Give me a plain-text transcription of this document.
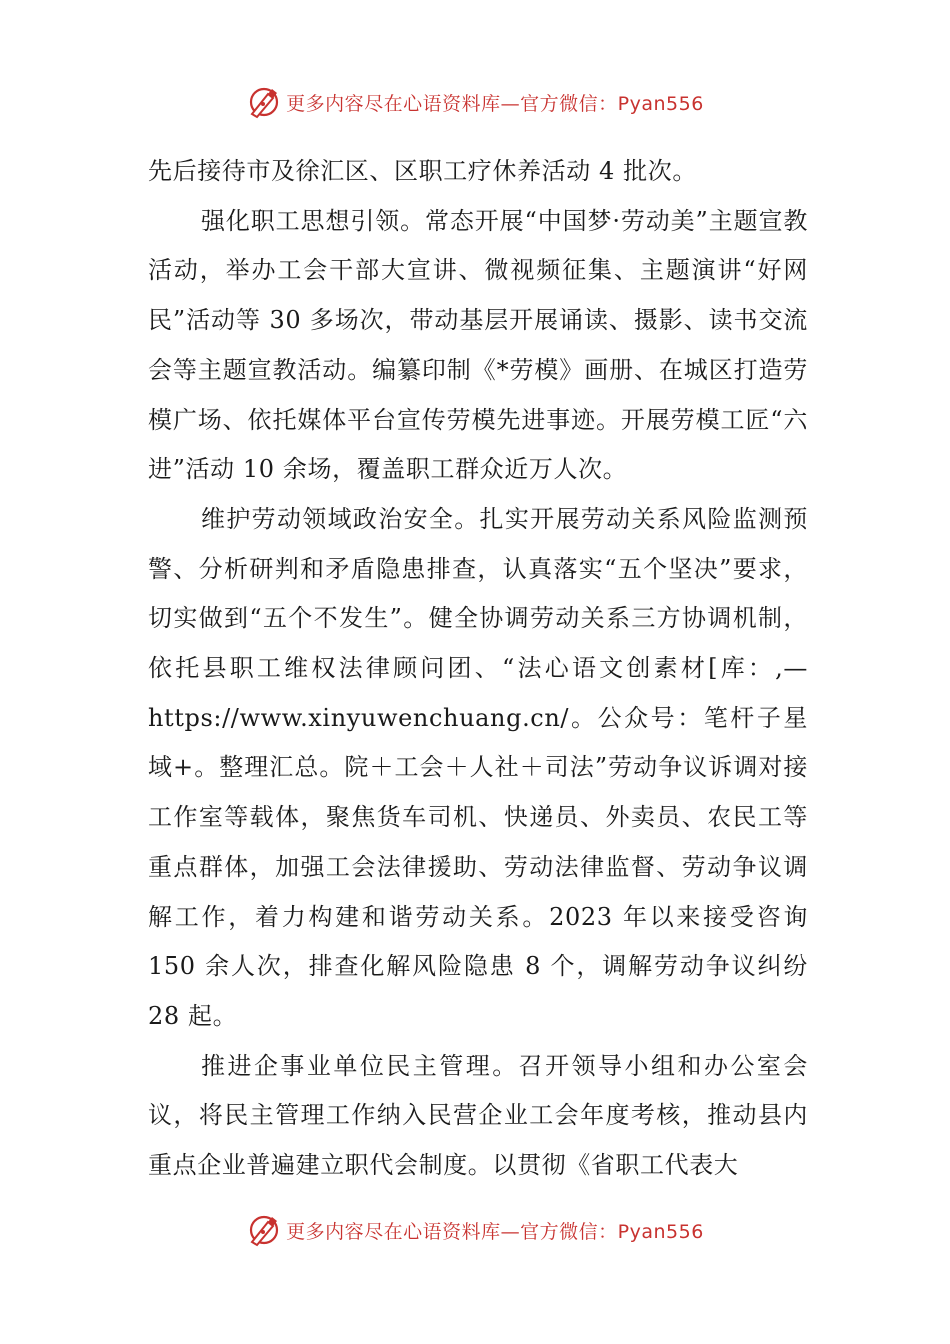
更多内容尽在心语资料库—官方微信：Pyan556

先后接待市及徐汇区、区职工疗休养活动 4 批次。

强化职工思想引领。常态开展“中国梦·劳动美”主题宣教活动，举办工会干部大宣讲、微视频征集、主题演讲“好网民”活动等 30 多场次，带动基层开展诵读、摄影、读书交流会等主题宣教活动。编纂印制《*劳模》画册、在城区打造劳模广场、依托媒体平台宣传劳模先进事迹。开展劳模工匠“六进”活动 10 余场，覆盖职工群众近万人次。

维护劳动领域政治安全。扎实开展劳动关系风险监测预警、分析研判和矛盾隐患排查，认真落实“五个坚决”要求，切实做到“五个不发生”。健全协调劳动关系三方协调机制，依托县职工维权法律顾问团、“法心语文创素材[库：,—https://www.xinyuwenchuang.cn/。公众号：笔杆子星域+。整理汇总。院＋工会＋人社＋司法”劳动争议诉调对接工作室等载体，聚焦货车司机、快递员、外卖员、农民工等重点群体，加强工会法律援助、劳动法律监督、劳动争议调解工作，着力构建和谐劳动关系。2023 年以来接受咨询 150 余人次，排查化解风险隐患 8 个，调解劳动争议纠纷 28 起。

推进企事业单位民主管理。召开领导小组和办公室会议，将民主管理工作纳入民营企业工会年度考核，推动县内重点企业普遍建立职代会制度。以贯彻《省职工代表大

更多内容尽在心语资料库—官方微信：Pyan556
